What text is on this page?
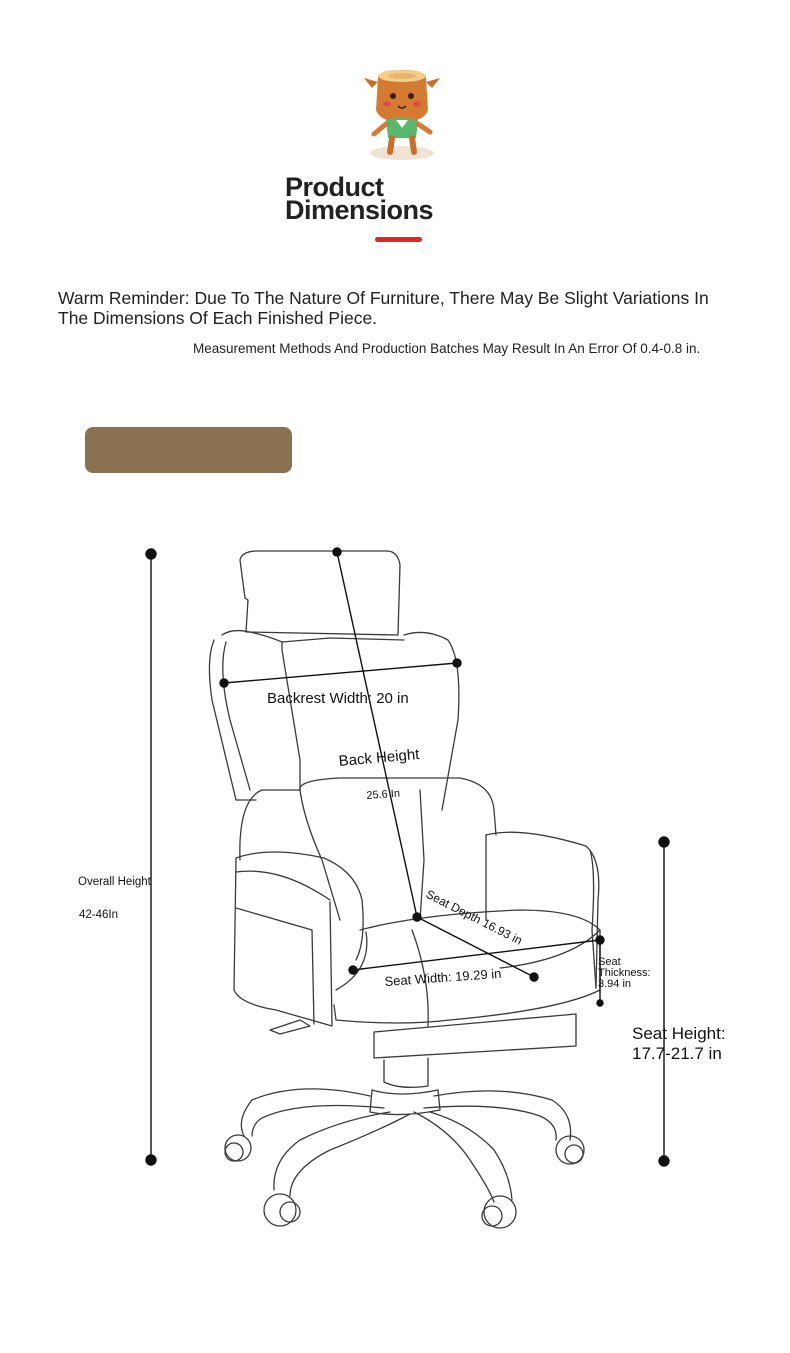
Product
Dimensions
Warm Reminder: Due To The Nature Of Furniture, There May Be Slight Variations In The Dimensions Of Each Finished Piece.
Measurement Methods And Production Batches May Result In An Error Of 0.4-0.8 in.
Backrest Width: 20 in
Back Height
25.6 In
Overall Height
42-46In	Seat Depth 16.93 in
Seat Width: 19.29 in
Seat
Thickness:
3.94 in
Seat Height:
17.7-21.7 in
